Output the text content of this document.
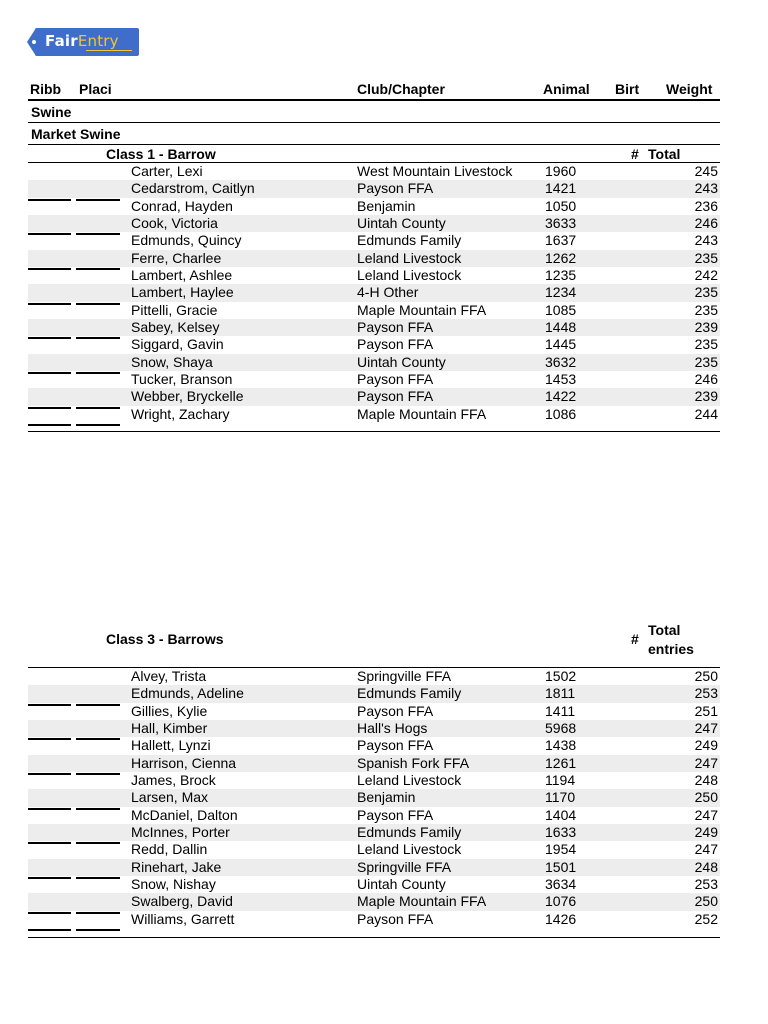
FairEntry
Ribb Placi	Club/Chapter	Animal Birt Weight
Swine
Market Swine
Class 1 - Barrow	# Total
Carter, Lexi	West Mountain Livestock 1960	245
Cedarstrom, Caitlyn	Payson FFA	1421	243
Conrad, Hayden	Benjamin	1050	236
Cook, Victoria	Uintah County	3633	246
Edmunds, Quincy	Edmunds Family	1637	243
Ferre, Charlee	Leland Livestock	1262	235
Lambert, Ashlee	Leland Livestock	1235	242
Lambert, Haylee	4-H Other	1234	235
Pittelli, Gracie	Maple Mountain FFA	1085	235
Sabey, Kelsey	Payson FFA	1448	239
Siggard, Gavin	Payson FFA	1445	235
Snow, Shaya	Uintah County	3632	235
Tucker, Branson	Payson FFA	1453	246
Webber, Bryckelle	Payson FFA	1422	239
Wright, Zachary	Maple Mountain FFA	1086	244
Class 3 - Barrows	#
Total
entries
Alvey, Trista	Springville FFA	1502	250
Edmunds, Adeline	Edmunds Family	1811	253
Gillies, Kylie	Payson FFA	1411	251
Hall, Kimber	Hall's Hogs	5968	247
Hallett, Lynzi	Payson FFA	1438	249
Harrison, Cienna	Spanish Fork FFA	1261	247
James, Brock	Leland Livestock	1194	248
Larsen, Max	Benjamin	1170	250
McDaniel, Dalton	Payson FFA	1404	247
McInnes, Porter	Edmunds Family	1633	249
Redd, Dallin	Leland Livestock	1954	247
Rinehart, Jake	Springville FFA	1501	248
Snow, Nishay	Uintah County	3634	253
Swalberg, David	Maple Mountain FFA	1076	250
Williams, Garrett	Payson FFA	1426	252
